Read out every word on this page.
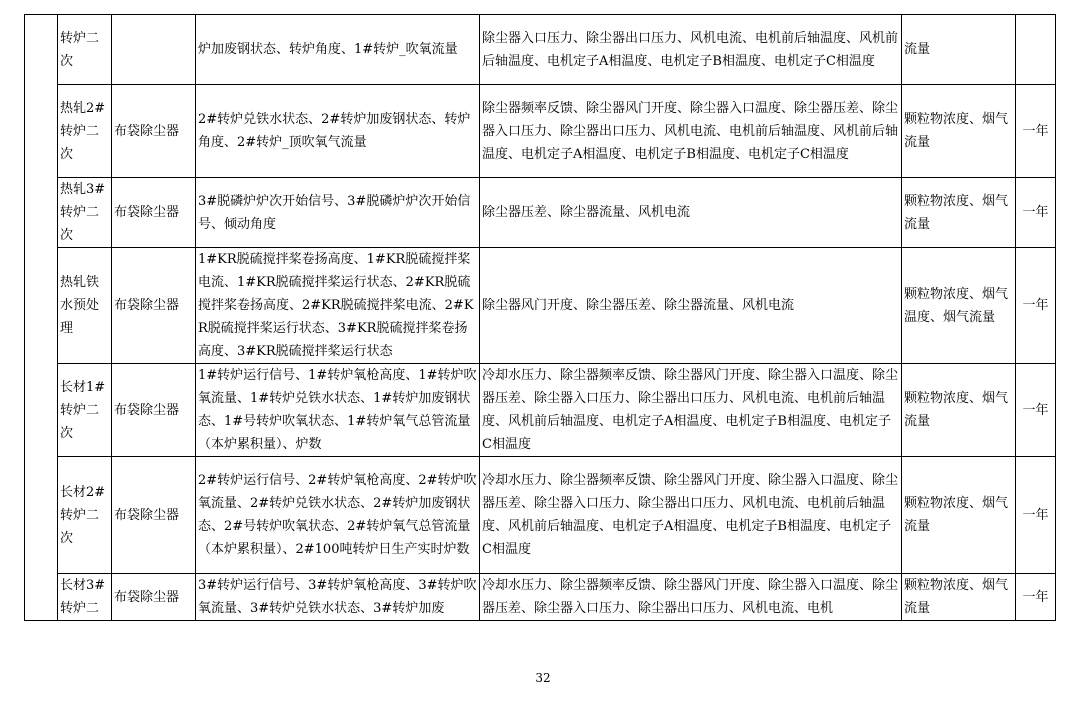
	转炉二次		炉加废钢状态、转炉角度、1#转炉_吹氧流量	除尘器入口压力、除尘器出口压力、风机电流、电机前后轴温度、风机前后轴温度、电机定子A相温度、电机定子B相温度、电机定子C相温度	流量	
	热轧2#转炉二次	布袋除尘器	2#转炉兑铁水状态、2#转炉加废钢状态、转炉角度、2#转炉_顶吹氧气流量	除尘器频率反馈、除尘器风门开度、除尘器入口温度、除尘器压差、除尘器入口压力、除尘器出口压力、风机电流、电机前后轴温度、风机前后轴温度、电机定子A相温度、电机定子B相温度、电机定子C相温度	颗粒物浓度、烟气流量	一年
	热轧3#转炉二次	布袋除尘器	3#脱磷炉炉次开始信号、3#脱磷炉炉次开始信号、倾动角度	除尘器压差、除尘器流量、风机电流	颗粒物浓度、烟气流量	一年
	热轧铁水预处理	布袋除尘器	1#KR脱硫搅拌桨卷扬高度、1#KR脱硫搅拌桨电流、1#KR脱硫搅拌桨运行状态、2#KR脱硫搅拌桨卷扬高度、2#KR脱硫搅拌桨电流、2#KR脱硫搅拌桨运行状态、3#KR脱硫搅拌桨卷扬高度、3#KR脱硫搅拌桨运行状态	除尘器风门开度、除尘器压差、除尘器流量、风机电流	颗粒物浓度、烟气温度、烟气流量	一年
	长材1#转炉二次	布袋除尘器	1#转炉运行信号、1#转炉氧枪高度、1#转炉吹氧流量、1#转炉兑铁水状态、1#转炉加废钢状态、1#号转炉吹氧状态、1#转炉氧气总管流量（本炉累积量）、炉数	冷却水压力、除尘器频率反馈、除尘器风门开度、除尘器入口温度、除尘器压差、除尘器入口压力、除尘器出口压力、风机电流、电机前后轴温度、风机前后轴温度、电机定子A相温度、电机定子B相温度、电机定子C相温度	颗粒物浓度、烟气流量	一年
	长材2#转炉二次	布袋除尘器	2#转炉运行信号、2#转炉氧枪高度、2#转炉吹氧流量、2#转炉兑铁水状态、2#转炉加废钢状态、2#号转炉吹氧状态、2#转炉氧气总管流量（本炉累积量）、2#100吨转炉日生产实时炉数	冷却水压力、除尘器频率反馈、除尘器风门开度、除尘器入口温度、除尘器压差、除尘器入口压力、除尘器出口压力、风机电流、电机前后轴温度、风机前后轴温度、电机定子A相温度、电机定子B相温度、电机定子C相温度	颗粒物浓度、烟气流量	一年
	长材3#转炉二	布袋除尘器	3#转炉运行信号、3#转炉氧枪高度、3#转炉吹氧流量、3#转炉兑铁水状态、3#转炉加废	冷却水压力、除尘器频率反馈、除尘器风门开度、除尘器入口温度、除尘器压差、除尘器入口压力、除尘器出口压力、风机电流、电机	颗粒物浓度、烟气流量	一年
32
